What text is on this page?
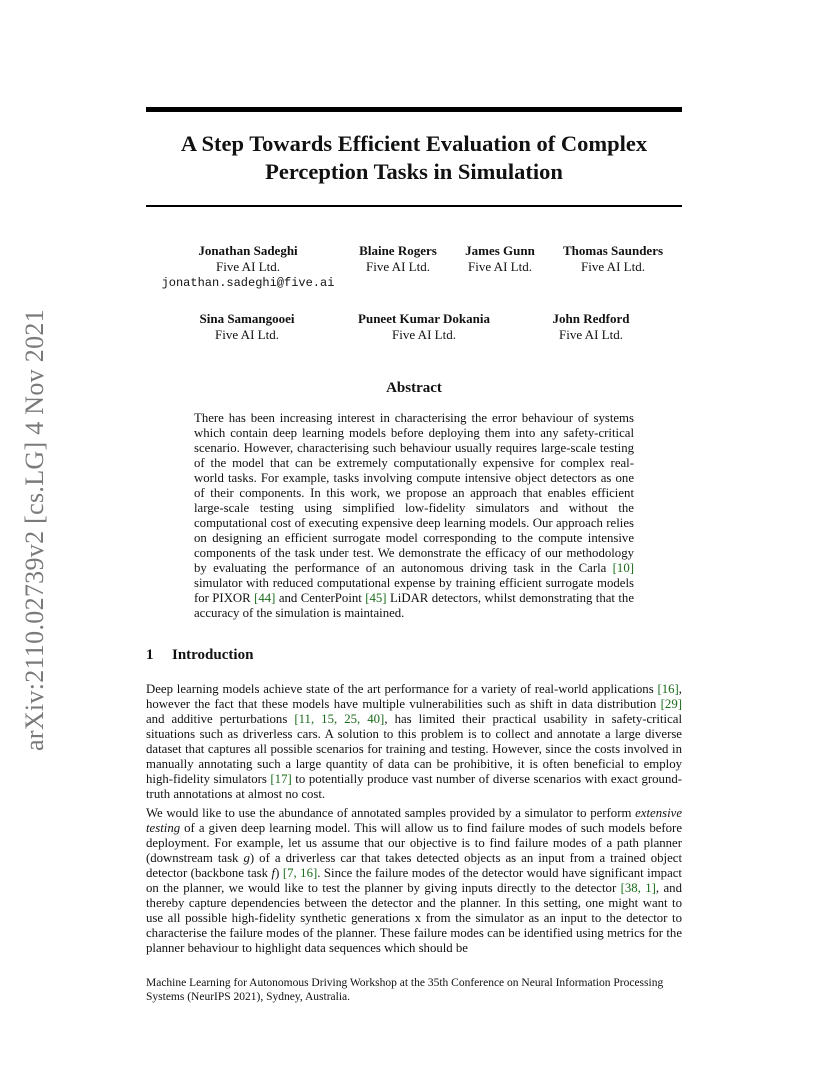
arXiv:2110.02739v2 [cs.LG] 4 Nov 2021
A Step Towards Efficient Evaluation of Complex
Perception Tasks in Simulation
Jonathan Sadeghi
Five AI Ltd.
jonathan.sadeghi@five.ai
Blaine Rogers
Five AI Ltd.
James Gunn
Five AI Ltd.
Thomas Saunders
Five AI Ltd.
Sina Samangooei
Five AI Ltd.
Puneet Kumar Dokania
Five AI Ltd.
John Redford
Five AI Ltd.
Abstract
There has been increasing interest in characterising the error behaviour of systems which contain deep learning models before deploying them into any safety-critical scenario. However, characterising such behaviour usually requires large-scale testing of the model that can be extremely computationally expensive for complex real-world tasks. For example, tasks involving compute intensive object detectors as one of their components. In this work, we propose an approach that enables efficient large-scale testing using simplified low-fidelity simulators and without the computational cost of executing expensive deep learning models. Our approach relies on designing an efficient surrogate model corresponding to the compute intensive components of the task under test. We demonstrate the efficacy of our methodology by evaluating the performance of an autonomous driving task in the Carla [10] simulator with reduced computational expense by training efficient surrogate models for PIXOR [44] and CenterPoint [45] LiDAR detectors, whilst demonstrating that the accuracy of the simulation is maintained.
1 Introduction
Deep learning models achieve state of the art performance for a variety of real-world applications [16], however the fact that these models have multiple vulnerabilities such as shift in data distribution [29] and additive perturbations [11, 15, 25, 40], has limited their practical usability in safety-critical situations such as driverless cars. A solution to this problem is to collect and annotate a large diverse dataset that captures all possible scenarios for training and testing. However, since the costs involved in manually annotating such a large quantity of data can be prohibitive, it is often beneficial to employ high-fidelity simulators [17] to potentially produce vast number of diverse scenarios with exact ground-truth annotations at almost no cost.
We would like to use the abundance of annotated samples provided by a simulator to perform extensive testing of a given deep learning model. This will allow us to find failure modes of such models before deployment. For example, let us assume that our objective is to find failure modes of a path planner (downstream task g) of a driverless car that takes detected objects as an input from a trained object detector (backbone task f) [7, 16]. Since the failure modes of the detector would have significant impact on the planner, we would like to test the planner by giving inputs directly to the detector [38, 1], and thereby capture dependencies between the detector and the planner. In this setting, one might want to use all possible high-fidelity synthetic generations x from the simulator as an input to the detector to characterise the failure modes of the planner. These failure modes can be identified using metrics for the planner behaviour to highlight data sequences which should be
Machine Learning for Autonomous Driving Workshop at the 35th Conference on Neural Information Processing Systems (NeurIPS 2021), Sydney, Australia.
